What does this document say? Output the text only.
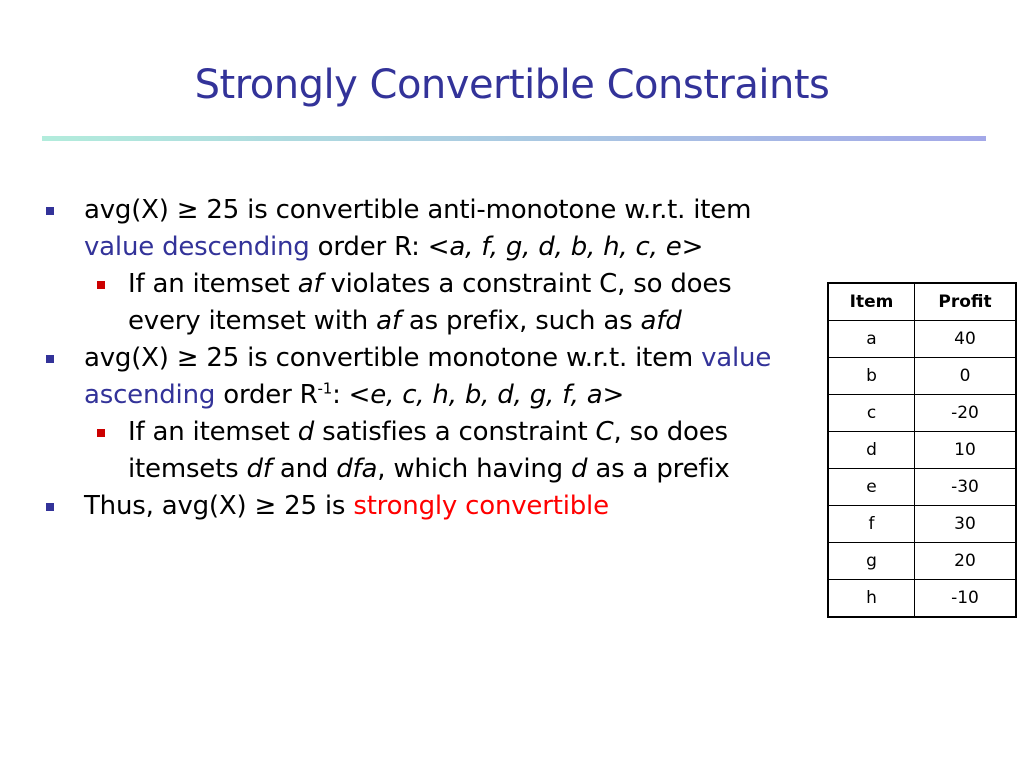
Strongly Convertible Constraints
avg(X) ≥ 25 is convertible anti-monotone w.r.t. item value descending order R: <a, f, g, d, b, h, c, e>
If an itemset af violates a constraint C, so does every itemset with af as prefix, such as afd
avg(X) ≥ 25 is convertible monotone w.r.t. item value ascending order $R^{-1}$: <e, c, h, b, d, g, f, a>
If an itemset d satisfies a constraint C, so does itemsets df and dfa, which having d as a prefix
Thus, avg(X) ≥ 25 is strongly convertible
Item	Profit
a	40
b	0
c	-20
d	10
e	-30
f	30
g	20
h	-10
